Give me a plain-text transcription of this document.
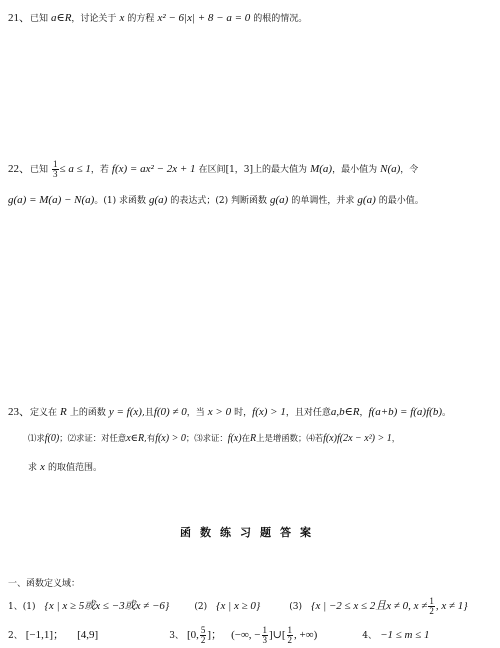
21、已知 a∈R，讨论关于 x 的方程 x² − 6|x| + 8 − a = 0 的根的情况。
22、已知 $\frac{1}{3} \le a \le 1$，若 f(x) = ax² − 2x + 1 在区间[1，3]上的最大值为 M(a)，最小值为 N(a)，令
g(a) = M(a) − N(a)。(1) 求函数 g(a) 的表达式；(2) 判断函数 g(a) 的单调性，并求 g(a) 的最小值。
23、定义在 R 上的函数 y = f(x),且f(0) ≠ 0，当 x > 0 时，f(x) > 1，且对任意a,b∈R，f(a+b) = f(a)f(b)。
⑴求f(0)；⑵求证：对任意x∈R,有f(x) > 0；⑶求证：f(x)在R上是增函数；⑷若f(x)f(2x − x²) > 1，
求 x 的取值范围。
函数练习题答案
一、函数定义域：
1、(1) {x | x ≥ 5或x ≤ −3或x ≠ −6}	(2) {x | x ≥ 0}	(3) {x | −2 ≤ x ≤ 2且x ≠ 0, $x \ne \frac{1}{2}$ , x ≠ 1}
2、 [−1,1]； [4,9]	3、 [0, $\frac{5}{2}$ ]； (−∞, − $\frac{1}{3}$ ]∪[ $\frac{1}{2}$ , +∞)	4、 −1 ≤ m ≤ 1
